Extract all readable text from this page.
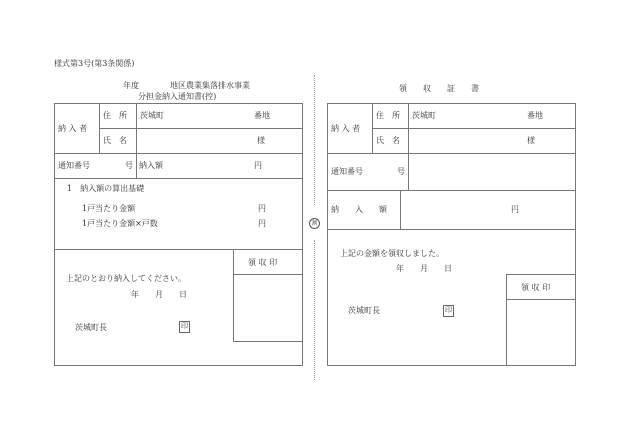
様式第3号(第3条関係)
年度	地区農業集落排水事業
分担金納入通知書(控)
納 入 者
住　所 茨城町	番地
氏　名	様
通知番号	号 納入額	円
1　納入額の算出基礎
1戸当たり金額	円
1戸当たり金額×戸数	円
上記のとおり納入してください。
年　　月　　日
茨城町長	印
領 収 印
割
領　　収　　証　　書
納 入 者
住　所 茨城町	番地
氏　名	様
通知番号	号
納　　入　　額	円
上記の金額を領収しました。
年　　月　　日
茨城町長	印
領 収 印
